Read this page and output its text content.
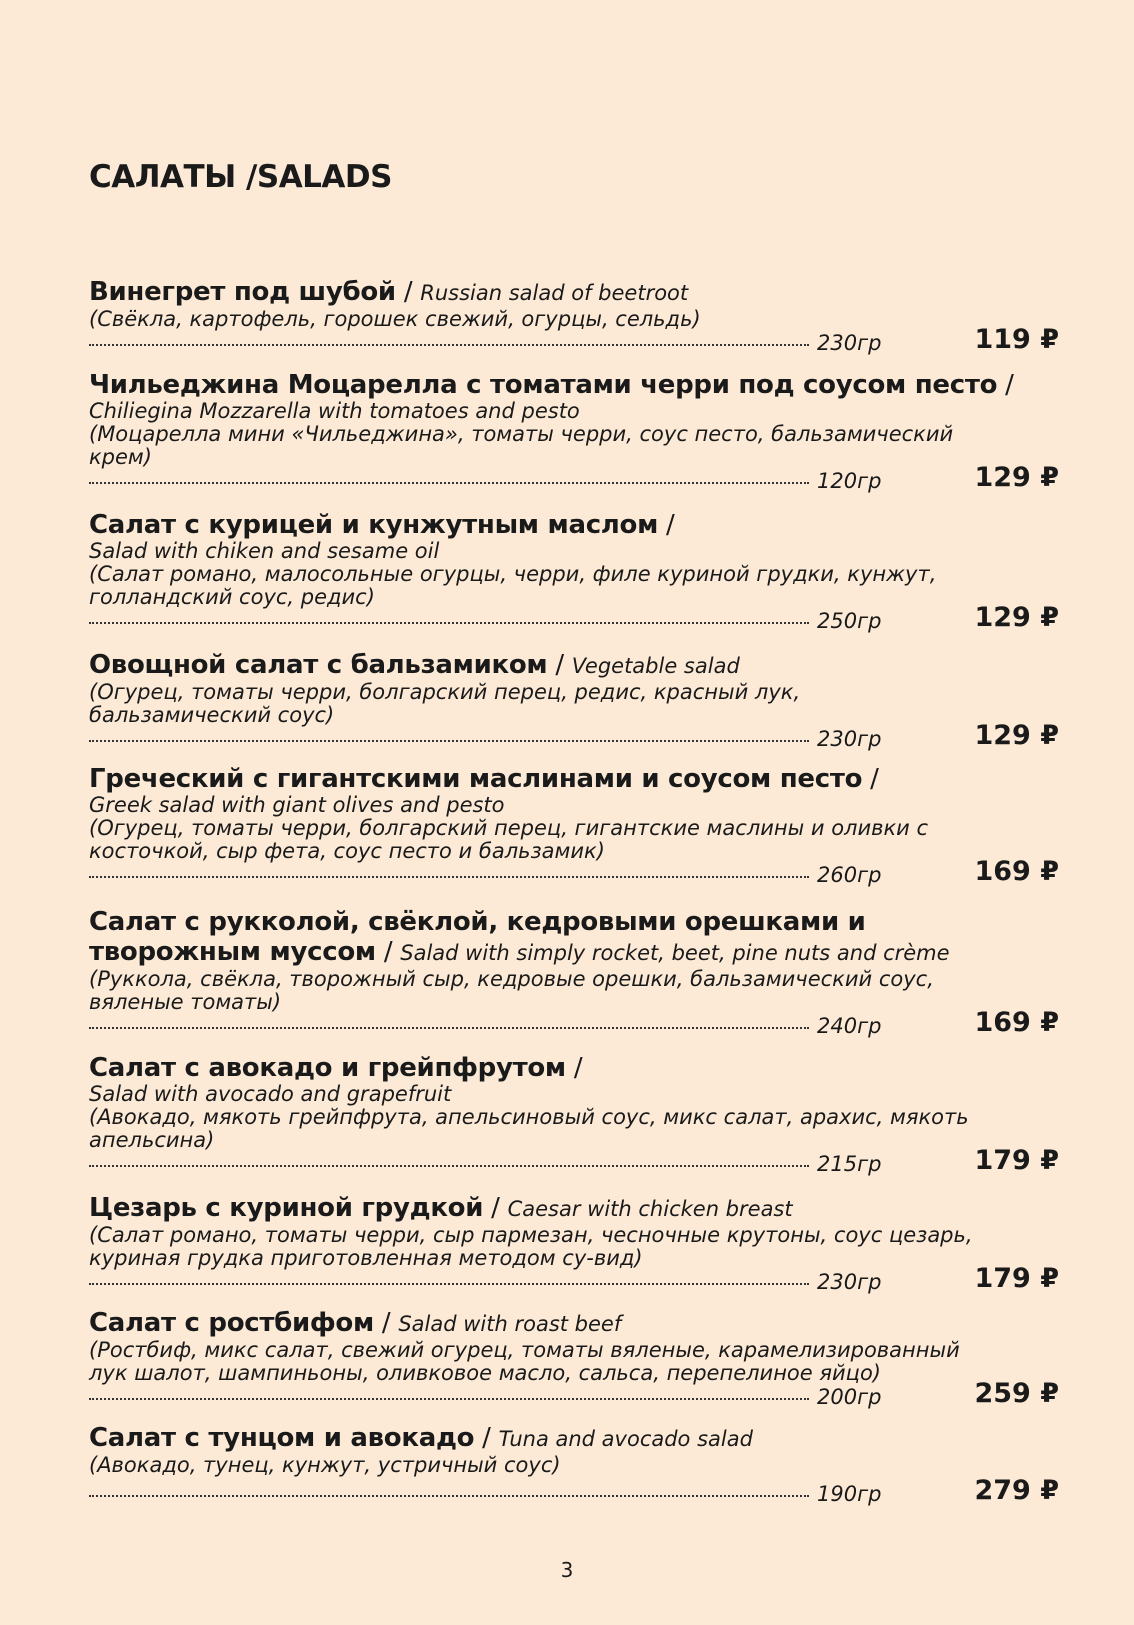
САЛАТЫ /SALADS
Винегрет под шубой / Russian salad of beetroot
(Свёкла, картофель, горошек свежий, огурцы, сельдь)
230гр	119 ₽
Чильеджина Моцарелла с томатами черри под соусом песто /
Chiliegina Mozzarella with tomatoes and pesto
(Моцарелла мини «Чильеджина», томаты черри, соус песто, бальзамический крем)
120гр	129 ₽
Салат с курицей и кунжутным маслом /
Salad with chiken and sesame oil
(Салат романо, малосольные огурцы, черри, филе куриной грудки, кунжут, голландский соус, редис)
250гр	129 ₽
Овощной салат с бальзамиком / Vegetable salad
(Огурец, томаты черри, болгарский перец, редис, красный лук, бальзамический соус)
230гр	129 ₽
Греческий с гигантскими маслинами и соусом песто /
Greek salad with giant olives and pesto
(Огурец, томаты черри, болгарский перец, гигантские маслины и оливки с косточкой, сыр фета, соус песто и бальзамик)
260гр	169 ₽
Салат с рукколой, свёклой, кедровыми орешками и
творожным муссом / Salad with simply rocket, beet, pine nuts and crème
(Руккола, свёкла, творожный сыр, кедровые орешки, бальзамический соус, вяленые томаты)
240гр	169 ₽
Салат с авокадо и грейпфрутом /
Salad with avocado and grapefruit
(Авокадо, мякоть грейпфрута, апельсиновый соус, микс салат, арахис, мякоть апельсина)
215гр	179 ₽
Цезарь с куриной грудкой / Caesar with chicken breast
(Салат романо, томаты черри, сыр пармезан, чесночные крутоны, соус цезарь, куриная грудка приготовленная методом су-вид)
230гр	179 ₽
Салат с ростбифом / Salad with roast beef
(Ростбиф, микс салат, свежий огурец, томаты вяленые, карамелизированный лук шалот, шампиньоны, оливковое масло, сальса, перепелиное яйцо)
200гр	259 ₽
Салат с тунцом и авокадо / Tuna and avocado salad
(Авокадо, тунец, кунжут, устричный соус)
190гр	279 ₽
3
